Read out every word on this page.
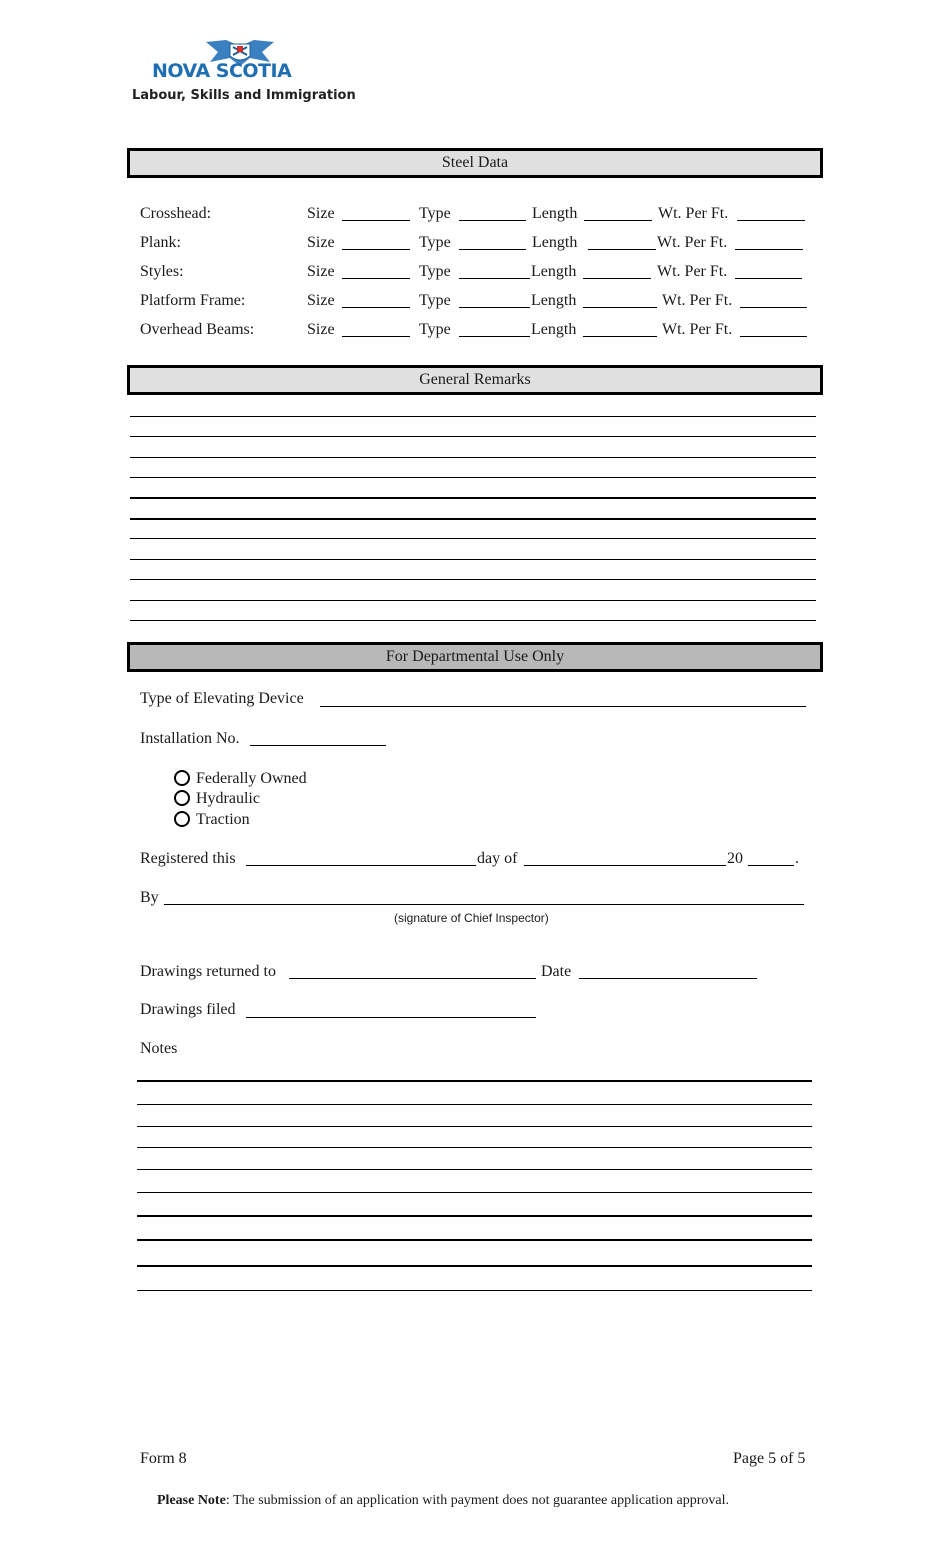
NOVA SCOTIA
Labour, Skills and Immigration
Steel Data
Crosshead:	Size	Type	Length	Wt. Per Ft.
Plank:	Size	Type	Length	Wt. Per Ft.
Styles:	Size	Type	Length	Wt. Per Ft.
Platform Frame:	Size	Type	Length	Wt. Per Ft.
Overhead Beams:	Size	Type	Length	Wt. Per Ft.
General Remarks
For Departmental Use Only
Type of Elevating Device
Installation No.
Federally Owned
Hydraulic
Traction
Registered this	day of	20	.
By
(signature of Chief Inspector)
Drawings returned to	Date
Drawings filed
Notes
Form 8	Page 5 of 5
Please Note: The submission of an application with payment does not guarantee application approval.
